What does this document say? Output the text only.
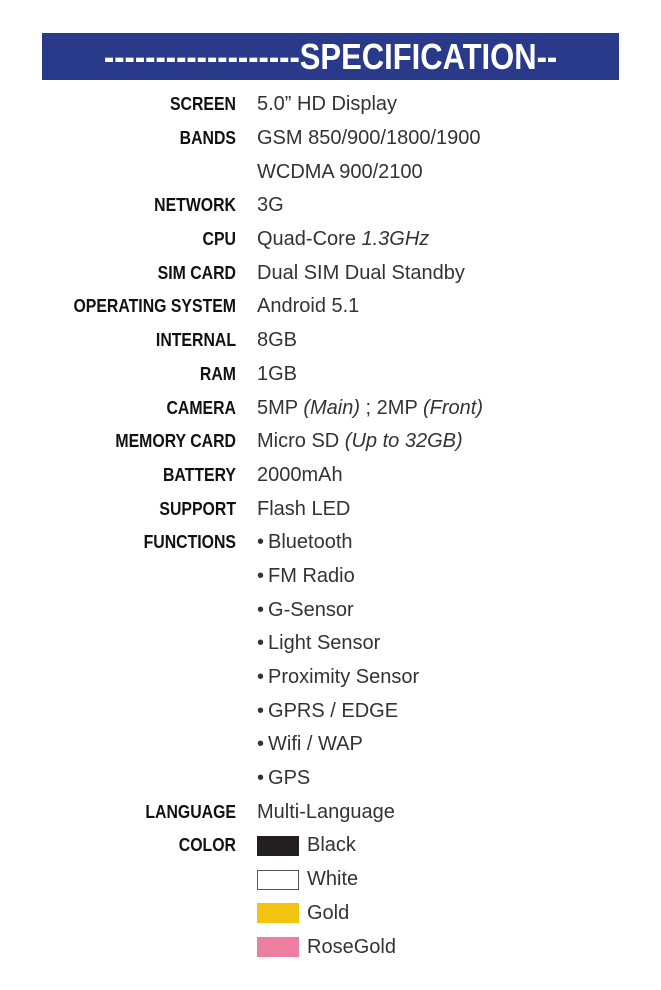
-------------------SPECIFICATION--
SCREEN 5.0” HD Display
BANDS GSM 850/900/1800/1900
WCDMA 900/2100
NETWORK 3G
CPU Quad-Core 1.3GHz
SIM CARD Dual SIM Dual Standby
OPERATING SYSTEM Android 5.1
INTERNAL 8GB
RAM 1GB
CAMERA 5MP (Main) ; 2MP (Front)
MEMORY CARD Micro SD (Up to 32GB)
BATTERY 2000mAh
SUPPORT Flash LED
FUNCTIONS • Bluetooth
• FM Radio
• G-Sensor
• Light Sensor
• Proximity Sensor
• GPRS / EDGE
• Wifi / WAP
• GPS
LANGUAGE Multi-Language
COLOR	Black
White
Gold
RoseGold
